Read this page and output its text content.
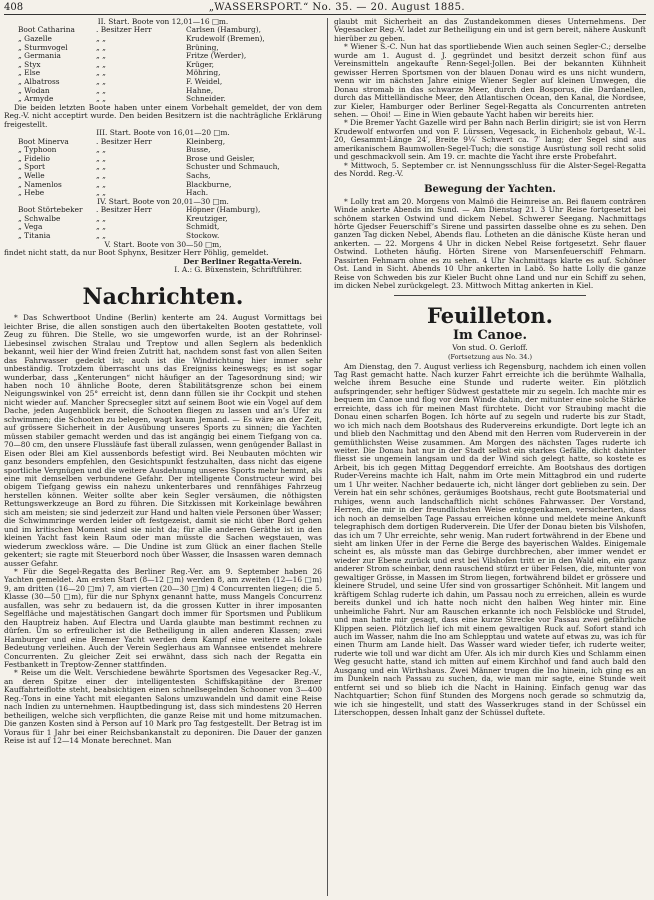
408	„WASSERSPORT.“ No. 35. — 20. August 1885.
II. Start. Boote von 12,01—16 □m.
Boot Catharina	. Besitzer Herr	Carlsen (Hamburg),
„ Gazelle	„ „	Krudewolf (Bremen),
„ Sturmvogel	„ „	Brüning,
„ Germania	„ „	Fritze (Werder),
„ Styx	„ „	Krüger,
„ Else	„ „	Möhring,
„ Albatross	„ „	F. Weidel,
„ Wodan	„ „	Hahne,
„ Armyde	„ „	Schneider.

Die beiden letzten Boote haben unter einem Vorbehalt gemeldet, der von dem Reg.-V. nicht acceptirt wurde. Den beiden Besitzern ist die nachträgliche Erklärung freigestellt.

III. Start. Boote von 16,01—20 □m.
Boot Minerva	. Besitzer Herr	Kleinberg,
„ Typhoon	„ „	Busse,
„ Fidelio	„ „	Brose und Geisler,
„ Sport	„ „	Schuster und Schmauch,
„ Welle	„ „	Sachs,
„ Namenlos	„ „	Blackburne,
„ Hebe	„ „	Hach.
IV. Start. Boote von 20,01—30 □m.
Boot Störtebeker	. Besitzer Herr	Höpner (Hamburg),
„ Schwalbe	„ „	Kreutziger,
„ Vega	„ „	Schmidt,
„ Titania	„ „	Stockow.
V. Start. Boote von 30—50 □m,
findet nicht statt, da nur Boot Sphynx, Besitzer Herr Pöhlig, gemeldet.
Der Berliner Regatta-Verein.
I. A.: G. Büxenstein, Schriftführer.
Nachrichten.

* Das Schwertboot Undine (Berlin) kenterte am 24. August Vormittags bei leichter Brise, die allen sonstigen auch den übertakelten Booten gestattete, voll Zeug zu führen. Die Stelle, wo sie umgeworfen wurde, ist an der Rohrinsel-Liebesinsel zwischen Stralau und Treptow und allen Seglern als bedenklich bekannt, weil hier der Wind freien Zutritt hat, nachdem sonst fast von allen Seiten das Fahrwasser gedeckt ist; auch ist die Windrichtung hier immer sehr unbeständig. Trotzdem überrascht uns das Ereigniss keineswegs; es ist sogar wunderbar, dass „Kenterungen“ nicht häufiger an der Tagesordnung sind; wir haben noch 10 ähnliche Boote, deren Stabilitätsgrenze schon bei einem Neigungswinkel von 25° erreicht ist, denn dann füllen sie ihr Cockpit und stehen nicht wieder auf. Mancher Sprecsegler sitzt auf seinem Boot wie ein Vogel auf dem Dache, jeden Augenblick bereit, die Schooten fliegen zu lassen und an’s Ufer zu schwimmen; die Schooten zu belegen, wagt kaum Jemand. — Es wäre an der Zeit, auf grössere Sicherheit in der Ausübung unseres Sports zu sinnen; die Yachten müssen stabiler gemacht werden und das ist angängig bei einem Tiefgang von ca. 70—80 cm, den unsere Flussläufe fast überall zulassen, wenn genügender Ballast in Eisen oder Blei am Kiel aussenbords befestigt wird. Bei Neubauten möchten wir ganz besonders empfehlen, den Gesichtspunkt festzuhalten, dass nicht das eigene sportliche Vergnügen und die weitere Ausdehnung unseres Sports mehr hemmt, als eine mit demselben verbundene Gefahr. Der intelligente Constructeur wird bei obigem Tiefgang gewiss ein nahezu unkenterbares und rennfähiges Fahrzeug herstellen können. Weiter sollte aber kein Segler versäumen, die nöthigsten Rettungswerkzeuge an Bord zu führen. Die Sitzkissen mit Korkeinlage bewähren sich am meisten; sie sind jederzeit zur Hand und halten viele Personen über Wasser; die Schwimmringe werden leider oft festgezeist, damit sie nicht über Bord gehen und im kritischen Moment sind sie nicht da; für alle anderen Geräthe ist in den kleinen Yacht fast kein Raum oder man müsste die Sachen wegstauen, was wiederum zweckloss wäre. — Die Undine ist zum Glück an einer flachen Stelle gekentert; sie ragte mit Steuerbord noch über Wasser, die Insassen waren demnach ausser Gefahr.

* Für die Segel-Regatta des Berliner Reg.-Ver. am 9. September haben 26 Yachten gemeldet. Am ersten Start (8—12 □m) werden 8, am zweiten (12—16 □m) 9, am dritten (16—20 □m) 7, am vierten (20—30 □m) 4 Concurrenten liegen; die 5. Klasse (30—50 □m), für die nur Sphynx genannt hatte, muss Mangels Concurrenz ausfallen, was sehr zu bedauern ist, da die grossen Kutter in ihrer imposanten Segelfläche und majestätischen Gangart doch immer für Sportsmen und Publikum den Hauptreiz haben. Auf Electra und Uarda glaubte man bestimmt rechnen zu dürfen. Um so erfreulicher ist die Betheiligung in allen anderen Klassen; zwei Hamburger und eine Bremer Yacht werden dem Kampf eine weitere als lokale Bedeutung verleihen. Auch der Verein Seglerhaus am Wannsee entsendet mehrere Concurrenten. Zu gleicher Zeit sei erwähnt, dass sich nach der Regatta ein Festbankett in Treptow-Zenner stattfinden.

* Reise um die Welt. Verschiedene bewährte Sportsmen des Vegesacker Reg.-V., an deren Spitze einer der intelligentesten Schiffskapitäne der Bremer Kauffahrteiflotte steht, beabsichtigen einen schnellsegelnden Schooner von 3—400 Reg.-Tons in eine Yacht mit eleganten Salons umzuwandeln und damit eine Reise nach Indien zu unternehmen. Hauptbedingung ist, dass sich mindestens 20 Herren betheiligen, welche sich verpflichten, die ganze Reise mit und home mitzumachen. Die ganzen Kosten sind à Person auf 10 Mark pro Tag festgestellt. Der Betrag ist im Voraus für 1 Jahr bei einer Reichsbankanstalt zu deponiren. Die Dauer der ganzen Reise ist auf 12—14 Monate berechnet. Man

glaubt mit Sicherheit an das Zustandekommen dieses Unternehmens. Der Vegesacker Reg.-V. ladet zur Betheiligung ein und ist gern bereit, nähere Auskunft hierüber zu geben.

* Wiener S.-C. Nun hat das sportliebende Wien auch seinen Segler-C.; derselbe wurde am 1. August d. J. gegründet und besitzt derzeit schon fünf aus Vereinsmitteln angekaufte Renn-Segel-Jollen. Bei der bekannten Kühnheit gewisser Herren Sportsmen von der blauen Donau wird es uns nicht wundern, wenn wir im nächsten Jahre einige Wiener Segler auf kleinen Umwegen, die Donau stromab in das schwarze Meer, durch den Bosporus, die Dardanellen, durch das Mittelländische Meer, den Atlantischen Ocean, den Kanal, die Nordsee, zur Kieler, Hamburger oder Berliner Segel-Regatta als Concurrenten antreten sehen. — Ohoi! — Eine in Wien gebaute Yacht haben wir bereits hier.

* Die Bremer Yacht Gazelle wird per Bahn nach Berlin dirigirt; sie ist von Herrn Krudewolf entworfen und von F. Lürssen, Vegesack, in Eichenholz gebaut, W.-L. 20, Gesammt-Länge 24′, Breite 9¼′ Schwert ca. 7′ lang; der Segel sind aus amerikanischem Baumwollen-Segel-Tuch; die sonstige Ausrüstung soll recht solid und geschmackvoll sein. Am 19. cr. machte die Yacht ihre erste Probefahrt.

* Mittwoch, 5. September cr. ist Nennungsschluss für die Alster-Segel-Regatta des Nordd. Reg.-V.

Bewegung der Yachten.

* Lolly trat am 20. Morgens von Malmö die Heimreise an. Bei flauem conträren Winde ankerte Abends im Sund. — Am Dienstag 21. 3 Uhr Reise fortgesetzt bei schönem starken Ostwind und dickem Nebel. Schwerer Seegang. Nachmittags hörte Gjedser Feuerschiff’s Sirene und passirten dasselbe ohne es zu sehen. Den ganzen Tag dicken Nebel, Abends flau. Lotheten an die dänische Küste heran und ankerten. — 22. Morgens 4 Uhr in dicken Nebel Reise fortgesetzt. Sehr flauer Ostwind. Lotheten häufig. Hörten Sirene von Marsenfeuerschiff Fehmarn. Passirten Fehmarn ohne es zu sehen. 4 Uhr Nachmittags klarte es auf. Schöner Ost. Land in Sicht. Abends 10 Uhr ankerten in Labö. So hatte Lolly die ganze Reise von Schweden bis zur Kieler Bucht ohne Land und nur ein Schiff zu sehen, im dicken Nebel zurückgelegt. 23. Mittwoch Mittag ankerten in Kiel.

Feuilleton.
Im Canoe.
Von stud. O. Gerloff.
(Fortsetzung aus No. 34.)

Am Dienstag, den 7. August verliess ich Regensburg, nachdem ich einen vollen Tag Rast gemacht hatte. Nach kurzer Fahrt erreichte ich die berühmte Walhalla, welche ihrem Besuche eine Stunde und ruderte weiter. Ein plötzlich aufspringender, sehr heftiger Südwest gestattete mir zu segeln. Ich machte mir es bequem im Canoe und flog vor dem Winde dahin, der mitunter eine solche Stärke erreichte, dass ich für meinen Mast fürchtete. Dicht vor Straubing macht die Donau einen scharfen Bogen. Ich hörte auf zu segeln und ruderte bis zur Stadt, wo ich mich nach dem Bootshaus des Rudervereins erkundigte. Dort legte ich an und blieb den Nachmittag und den Abend mit den Herren vom Ruderverein in der gemüthlichsten Weise zusammen. Am Morgen des nächsten Tages ruderte ich weiter. Die Donau hat nur in der Stadt selbst ein starkes Gefälle, dicht dahinter fliesst sie ungemein langsam und da der Wind sich gelegt hatte, so kostete es Arbeit, bis ich gegen Mittag Deggendorf erreichte. Am Bootshaus des dortigen Ruder-Vereins machte ich Halt, nahm im Orte mein Mittagbrod ein und ruderte um 1 Uhr weiter. Nachher bedauerte ich, nicht länger dort geblieben zu sein. Der Verein hat ein sehr schönes, geräumiges Bootshaus, recht gute Bootsmaterial und ruhiges, wenn auch landschaftlich nicht schönes Fahrwasser. Der Vorstand, Herren, die mir in der freundlichsten Weise entgegenkamen, versicherten, dass ich noch an demselben Tage Passau erreichen könne und meldete meine Ankunft telegraphisch dem dortigen Ruderverein. Die Ufer der Donau bieten bis Vilshofen, das ich um 7 Uhr erreichte, sehr wenig. Man rudert fortwährend in der Ebene und sieht am linken Ufer in der Ferne die Berge des bayerischen Waldes. Einigemale scheint es, als müsste man das Gebirge durchbrechen, aber immer wendet er wieder zur Ebene zurück und erst bei Vilshofen tritt er in den Wald ein, ein ganz anderer Strom scheinbar, denn rauschend stürzt er über Felsen, die, mitunter von gewaltiger Grösse, in Massen im Strom liegen, fortwährend bildet er grössere und kleinere Strudel, und seine Ufer sind von grossartiger Schönheit. Mit langem und kräftigem Schlag ruderte ich dahin, um Passau noch zu erreichen, allein es wurde bereits dunkel und ich hatte noch nicht den halben Weg hinter mir. Eine unheimliche Fahrt. Nur am Rauschen erkannte ich noch Felsblöcke und Strudel, und man hatte mir gesagt, dass eine kurze Strecke vor Passau zwei gefährliche Klippen seien. Plötzlich lief ich mit einem gewaltigen Ruck auf. Sofort stand ich auch im Wasser, nahm die Ino am Schlepptau und watete auf etwas zu, was ich für einen Thurm am Lande hielt. Das Wasser ward wieder tiefer, ich ruderte weiter, ruderte wie toll und war dicht am Ufer. Als ich mir durch Kies und Schlamm einen Weg gesucht hatte, stand ich mitten auf einem Kirchhof und fand auch bald den Ausgang und ein Wirthshaus. Zwei Männer trugen die Ino hinein, ich ging es an im Dunkeln nach Passau zu suchen, da, wie man mir sagte, eine Stunde weit entfernt sei und so blieb ich die Nacht in Haining. Einfach genug war das Nachtquartier; Schon fünf Stunden des Morgens noch gerade so schmutzig da, wie ich sie hingestellt, und statt des Wasserkruges stand in der Schüssel ein Literschoppen, dessen Inhalt ganz der Schüssel duftete.
